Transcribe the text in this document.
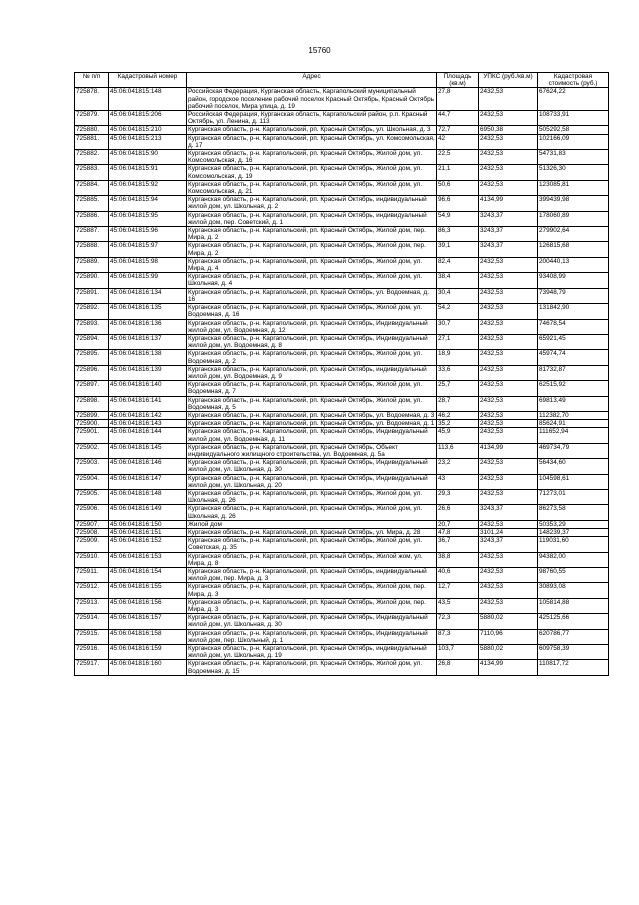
15760
№ п/п	Кадастровый номер	Адрес	Площадь (кв.м)	УПКС (руб./кв.м)	Кадастровая стоимость (руб.)
725878.	45:06:041815:148	Российская Федерация, Курганская область, Каргапольский муниципальный район, городское поселение рабочий поселок Красный Октябрь, Красный Октябрь рабочий поселок, Мира улица, д. 19	27,8	2432,53	67624,22
725879.	45:06:041815:206	Российская Федерация, Курганская область, Каргапольский район, р.п. Красный Октябрь, ул. Ленина, д. 113	44,7	2432,53	108733,91
725880.	45:06:041815:210	Курганская область, р-н. Каргапольский, рп. Красный Октябрь, ул. Школьная, д. 3	72,7	6950,38	505292,58
725881.	45:06:041815:213	Курганская область, р-н. Каргапольский, рп. Красный Октябрь, ул. Комсомольская, д. 17	42	2432,53	102166,09
725882.	45:06:041815:90	Курганская область, р-н. Каргапольский, рп. Красный Октябрь, Жилой дом, ул. Комсомольская, д. 16	22,5	2432,53	54731,83
725883.	45:06:041815:91	Курганская область, р-н. Каргапольский, рп. Красный Октябрь, Жилой дом, ул. Комсомольская, д. 19	21,1	2432,53	51326,30
725884.	45:06:041815:92	Курганская область, р-н. Каргапольский, рп. Красный Октябрь, Жилой дом, ул. Комсомольская, д. 21	50,6	2432,53	123085,81
725885.	45:06:041815:94	Курганская область, р-н. Каргапольский, рп. Красный Октябрь, индивидуальный жилой дом, ул. Школьная, д. 2	96,6	4134,99	399439,98
725886.	45:06:041815:95	Курганская область, р-н. Каргапольский, рп. Красный Октябрь, индивидуальный жилой дом, пер. Советский, д. 1	54,9	3243,37	178060,89
725887.	45:06:041815:96	Курганская область, р-н. Каргапольский, рп. Красный Октябрь, Жилой дом, пер. Мира, д. 2	86,3	3243,37	279902,64
725888.	45:06:041815:97	Курганская область, р-н. Каргапольский, рп. Красный Октябрь, Жилой дом, пер. Мира, д. 2	39,1	3243,37	126815,68
725889.	45:06:041815:98	Курганская область, р-н. Каргапольский, рп. Красный Октябрь, Жилой дом, ул. Мира, д. 4	82,4	2432,53	200440,13
725890.	45:06:041815:99	Курганская область, р-н. Каргапольский, рп. Красный Октябрь, Жилой дом, ул. Школьная, д. 4	38,4	2432,53	93408,99
725891.	45:06:041816:134	Курганская область, р-н. Каргапольский, рп. Красный Октябрь, ул. Водоемная, д. 16	30,4	2432,53	73948,79
725892.	45:06:041816:135	Курганская область, р-н. Каргапольский, рп. Красный Октябрь, Жилой дом, ул. Водоемная, д. 16	54,2	2432,53	131842,90
725893.	45:06:041816:136	Курганская область, р-н. Каргапольский, рп. Красный Октябрь, Индивидуальный жилой дом, ул. Водоемная, д. 12	30,7	2432,53	74678,54
725894.	45:06:041816:137	Курганская область, р-н. Каргапольский, рп. Красный Октябрь, Индивидуальный жилой дом, ул. Водоемная, д. 8	27,1	2432,53	65921,45
725895.	45:06:041816:138	Курганская область, р-н. Каргапольский, рп. Красный Октябрь, Жилой дом, ул. Водоемная, д. 2	18,9	2432,53	45974,74
725896.	45:06:041816:139	Курганская область, р-н. Каргапольский, рп. Красный Октябрь, индивидуальный жилой дом, ул. Водоемная, д. 9	33,6	2432,53	81732,87
725897.	45:06:041816:140	Курганская область, р-н. Каргапольский, рп. Красный Октябрь, Жилой дом, ул. Водоемная, д. 7	25,7	2432,53	62515,92
725898.	45:06:041816:141	Курганская область, р-н. Каргапольский, рп. Красный Октябрь, Жилой дом, ул. Водоемная, д. 5	28,7	2432,53	69813,49
725899.	45:06:041816:142	Курганская область, р-н. Каргапольский, рп. Красный Октябрь, ул. Водоемная, д. 3	46,2	2432,53	112382,70
725900.	45:06:041816:143	Курганская область, р-н. Каргапольский, рп. Красный Октябрь, ул. Водоемная, д. 1	35,2	2432,53	85624,91
725901.	45:06:041816:144	Курганская область, р-н. Каргапольский, рп. Красный Октябрь, Индивидуальный жилой дом, ул. Водоемная, д. 11	45,9	2432,53	111652,94
725902.	45:06:041816:145	Курганская область, р-н. Каргапольский, рп. Красный Октябрь, Объект индивидуального жилищного строительства, ул. Водоемная, д. 5а	113,6	4134,99	469734,79
725903.	45:06:041816:146	Курганская область, р-н. Каргапольский, рп. Красный Октябрь, Индивидуальный жилой дом, ул. Школьная, д. 30	23,2	2432,53	56434,60
725904.	45:06:041816:147	Курганская область, р-н. Каргапольский, рп. Красный Октябрь, Индивидуальный жилой дом, ул. Школьная, д. 20	43	2432,53	104598,61
725905.	45:06:041816:148	Курганская область, р-н. Каргапольский, рп. Красный Октябрь, Жилой дом, ул. Школьная, д. 26	29,3	2432,53	71273,01
725906.	45:06:041816:149	Курганская область, р-н. Каргапольский, рп. Красный Октябрь, Жилой дом, ул. Школьная, д. 26	26,6	3243,37	86273,58
725907.	45:06:041816:150	Жилой дом	20,7	2432,53	50353,29
725908.	45:06:041816:151	Курганская область, р-н. Каргапольский, рп. Красный Октябрь, ул. Мира, д. 28	47,8	3101,24	148239,37
725909.	45:06:041816:152	Курганская область, р-н. Каргапольский, рп. Красный Октябрь, Жилой дом, ул. Советская, д. 35	36,7	3243,37	119031,60
725910.	45:06:041816:153	Курганская область, р-н. Каргапольский, рп. Красный Октябрь, Жилой жом, ул. Мира, д. 8	38,8	2432,53	94382,00
725911.	45:06:041816:154	Курганская область, р-н. Каргапольский, рп. Красный Октябрь, индивидуальный жилой дом, пер. Мира, д. 3	40,6	2432,53	98760,55
725912.	45:06:041816:155	Курганская область, р-н. Каргапольский, рп. Красный Октябрь, Жилой дом, пер. Мира, д. 3	12,7	2432,53	30893,08
725913.	45:06:041816:156	Курганская область, р-н. Каргапольский, рп. Красный Октябрь, Жилой дом, пер. Мира, д. 3	43,5	2432,53	105814,88
725914.	45:06:041816:157	Курганская область, р-н. Каргапольский, рп. Красный Октябрь, Индивидуальный жилой дом, ул. Школьная, д. 30	72,3	5880,02	425125,66
725915.	45:06:041816:158	Курганская область, р-н. Каргапольский, рп. Красный Октябрь, Индивидуальный жилой дом, пер. Школьный, д. 1	87,3	7110,96	620786,77
725916.	45:06:041816:159	Курганская область, р-н. Каргапольский, рп. Красный Октябрь, индивидуальный жилой дом, ул. Школьная, д. 19	103,7	5880,02	609758,39
725917.	45:06:041816:160	Курганская область, р-н. Каргапольский, рп. Красный Октябрь, Жилой дом, ул. Водоемная, д. 15	26,8	4134,99	110817,72
